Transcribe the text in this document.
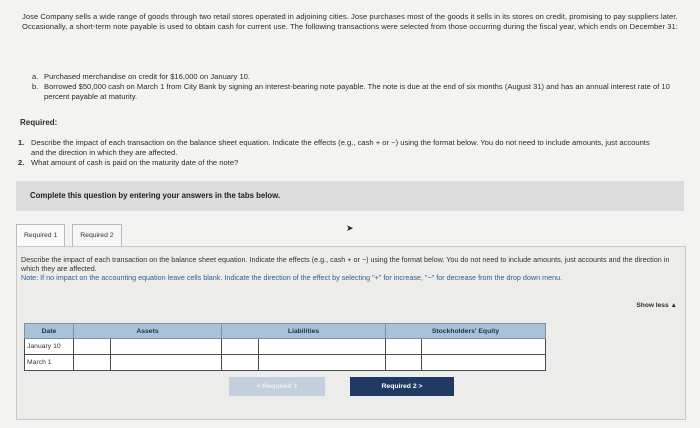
Jose Company sells a wide range of goods through two retail stores operated in adjoining cities. Jose purchases most of the goods it sells in its stores on credit, promising to pay suppliers later. Occasionally, a short-term note payable is used to obtain cash for current use. The following transactions were selected from those occurring during the fiscal year, which ends on December 31:
a. Purchased merchandise on credit for $16,000 on January 10.
b. Borrowed $50,000 cash on March 1 from City Bank by signing an interest-bearing note payable. The note is due at the end of six months (August 31) and has an annual interest rate of 10 percent payable at maturity.
Required:
1. Describe the impact of each transaction on the balance sheet equation. Indicate the effects (e.g., cash + or −) using the format below. You do not need to include amounts, just accounts and the direction in which they are affected.
2. What amount of cash is paid on the maturity date of the note?
Complete this question by entering your answers in the tabs below.
Required 1	Required 2
➤
Describe the impact of each transaction on the balance sheet equation. Indicate the effects (e.g., cash + or −) using the format below. You do not need to include amounts, just accounts and the direction in which they are affected.
Note: If no impact on the accounting equation leave cells blank. Indicate the direction of the effect by selecting "+" for increase, "−" for decrease from the drop down menu.
Show less ▲
Date	Assets		Liabilities		Stockholders' Equity	
January 10						
March 1						
< Required 1	Required 2 >
